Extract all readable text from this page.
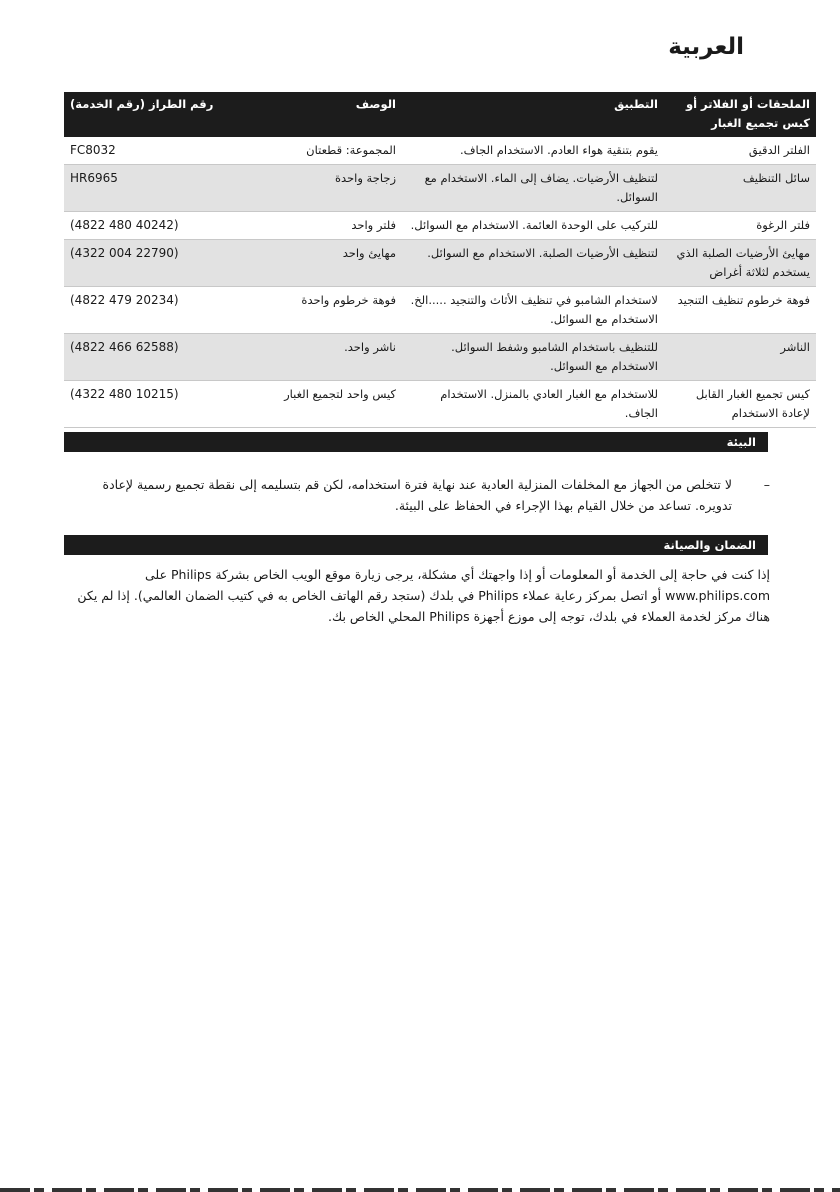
العربية
الملحقات أو الفلاتر أو كيس تجميع الغبار	التطبيق	الوصف	رقم الطراز (رقم الخدمة)
الفلتر الدقيق	يقوم بتنقية هواء العادم. الاستخدام الجاف.	المجموعة: قطعتان	FC8032
سائل التنظيف	لتنظيف الأرضيات. يضاف إلى الماء. الاستخدام مع السوائل.	زجاجة واحدة	HR6965
فلتر الرغوة	للتركيب على الوحدة العائمة. الاستخدام مع السوائل.	فلتر واحد	(4822 480 40242)
مهايئ الأرضيات الصلبة الذي يستخدم لثلاثة أغراض	لتنظيف الأرضيات الصلبة. الاستخدام مع السوائل.	مهايئ واحد	(4322 004 22790)
فوهة خرطوم تنظيف التنجيد	لاستخدام الشامبو في تنظيف الأثاث والتنجيد .....الخ. الاستخدام مع السوائل.	فوهة خرطوم واحدة	(4822 479 20234)
الناشر	للتنظيف باستخدام الشامبو وشفط السوائل. الاستخدام مع السوائل.	ناشر واحد.	(4822 466 62588)
كيس تجميع الغبار القابل لإعادة الاستخدام	للاستخدام مع الغبار العادي بالمنزل. الاستخدام الجاف.	كيس واحد لتجميع الغبار	(4322 480 10215)
البيئة
–
لا تتخلص من الجهاز مع المخلفات المنزلية العادية عند نهاية فترة استخدامه، لكن قم بتسليمه إلى نقطة تجميع رسمية لإعادة تدويره. تساعد من خلال القيام بهذا الإجراء في الحفاظ على البيئة.
الضمان والصيانة
إذا كنت في حاجة إلى الخدمة أو المعلومات أو إذا واجهتك أي مشكلة، يرجى زيارة موقع الويب الخاص بشركة Philips على www.philips.com أو اتصل بمركز رعاية عملاء Philips في بلدك (ستجد رقم الهاتف الخاص به في كتيب الضمان العالمي). إذا لم يكن هناك مركز لخدمة العملاء في بلدك، توجه إلى موزع أجهزة Philips المحلي الخاص بك.
